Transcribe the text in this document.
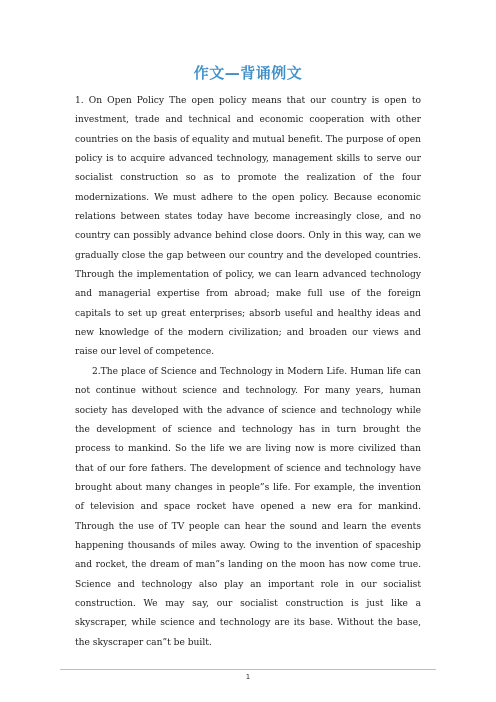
作文—背诵例文

1. On Open Policy The open policy means that our country is open to investment, trade and technical and economic cooperation with other countries on the basis of equality and mutual benefit. The purpose of open policy is to acquire advanced technology, management skills to serve our socialist construction so as to promote the realization of the four modernizations. We must adhere to the open policy. Because economic relations between states today have become increasingly close, and no country can possibly advance behind close doors. Only in this way, can we gradually close the gap between our country and the developed countries. Through the implementation of policy, we can learn advanced technology and managerial expertise from abroad; make full use of the foreign capitals to set up great enterprises; absorb useful and healthy ideas and new knowledge of the modern civilization; and broaden our views and raise our level of competence.

2.The place of Science and Technology in Modern Life. Human life can not continue without science and technology. For many years, human society has developed with the advance of science and technology while the development of science and technology has in turn brought the process to mankind. So the life we are living now is more civilized than that of our fore fathers. The development of science and technology have brought about many changes in people”s life. For example, the invention of television and space rocket have opened a new era for mankind. Through the use of TV people can hear the sound and learn the events happening thousands of miles away. Owing to the invention of spaceship and rocket, the dream of man”s landing on the moon has now come true. Science and technology also play an important role in our socialist construction. We may say, our socialist construction is just like a skyscraper, while science and technology are its base. Without the base, the skyscraper can”t be built.

1
